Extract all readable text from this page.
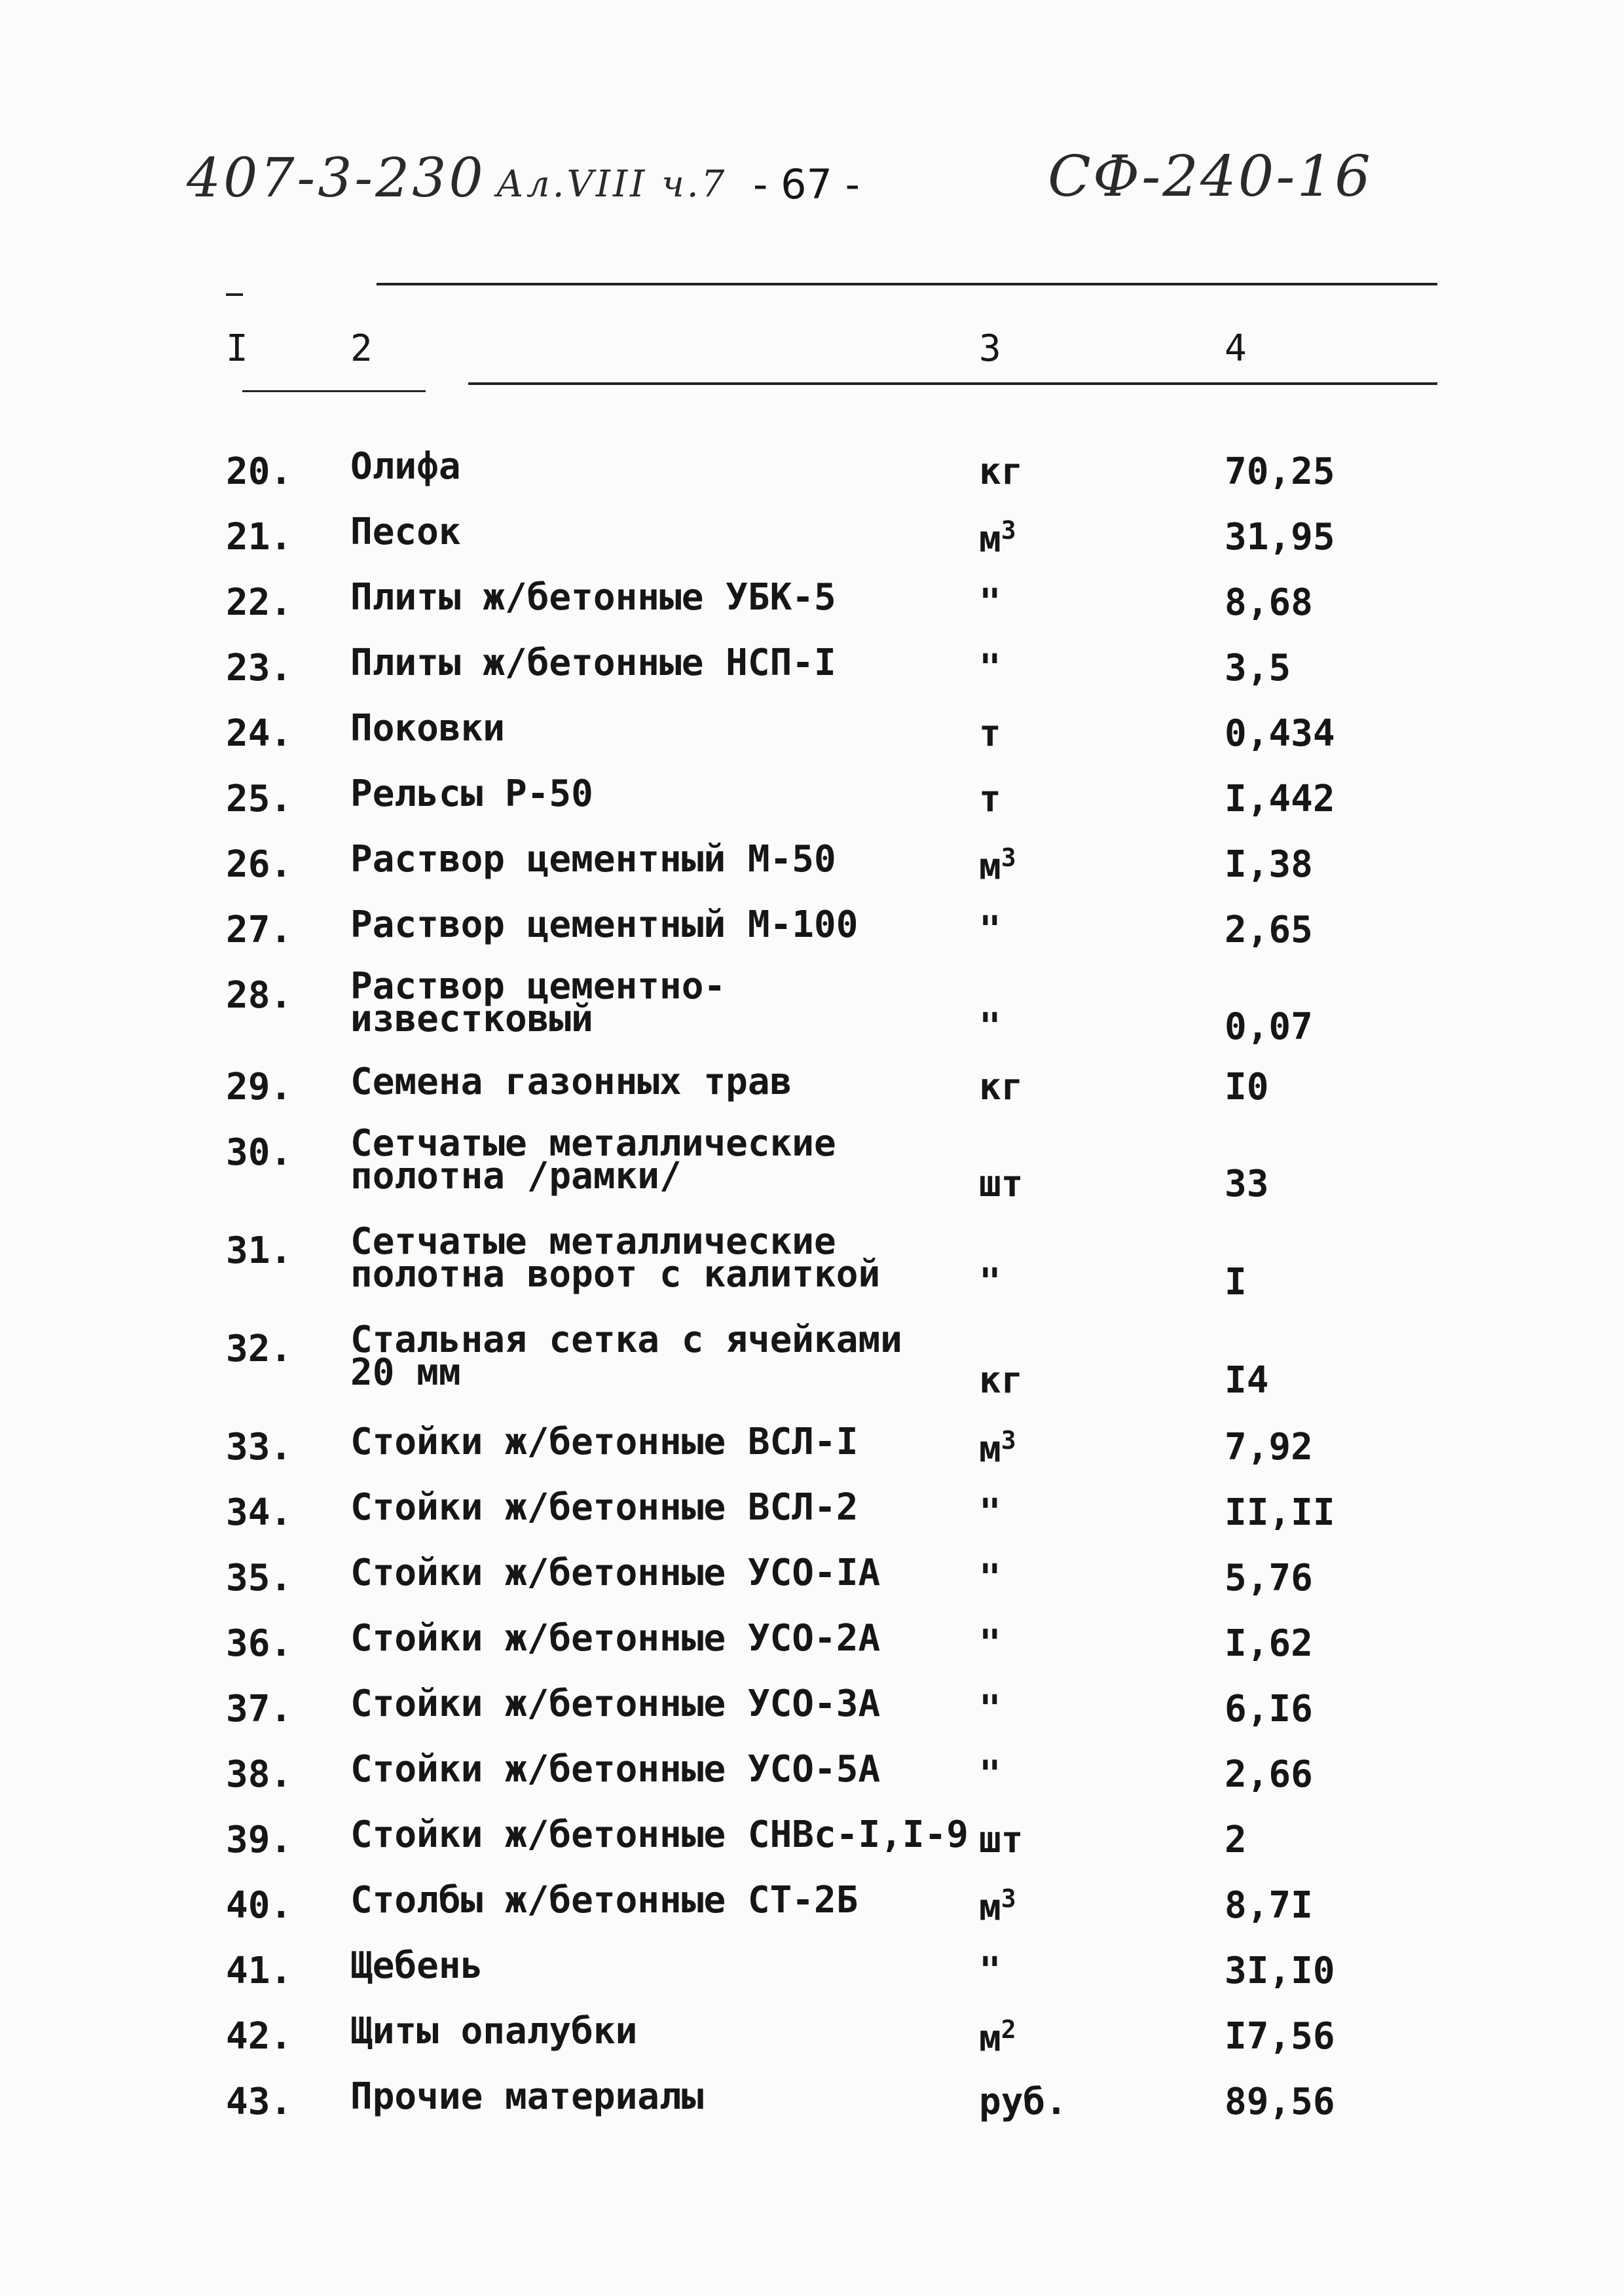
407-3-230 Ал.VIII ч.7 - 67 -	СФ-240-16
I	2	3	4
20. Олифа	кг	70,25
21. Песок	$м^3$	31,95
22. Плиты ж/бетонные УБК-5	"	8,68
23. Плиты ж/бетонные НСП-I	"	3,5
24. Поковки	т	0,434
25. Рельсы Р-50	т	I,442
26. Раствор цементный М-50	$м^3$	I,38
27. Раствор цементный М-100	"	2,65
28. Раствор цементно-
известковый	"	0,07
29. Семена газонных трав	кг	I0
30. Сетчатые металлические
полотна /рамки/	шт	33
31. Сетчатые металлические
полотна ворот с калиткой	"	I
32. Стальная сетка с ячейками
20 мм	кг	I4
33. Стойки ж/бетонные ВСЛ-I	$м^3$	7,92
34. Стойки ж/бетонные ВСЛ-2	"	II,II
35. Стойки ж/бетонные УСО-IA	"	5,76
36. Стойки ж/бетонные УСО-2А	"	I,62
37. Стойки ж/бетонные УСО-3А	"	6,I6
38. Стойки ж/бетонные УСО-5А	"	2,66
39. Стойки ж/бетонные СНВс-I,I-9 шт	2
40. Столбы ж/бетонные СТ-2Б	$м^3$	8,7I
41. Щебень	"	3I,I0
42. Щиты опалубки	$м^2$	I7,56
43. Прочие материалы	руб.	89,56
